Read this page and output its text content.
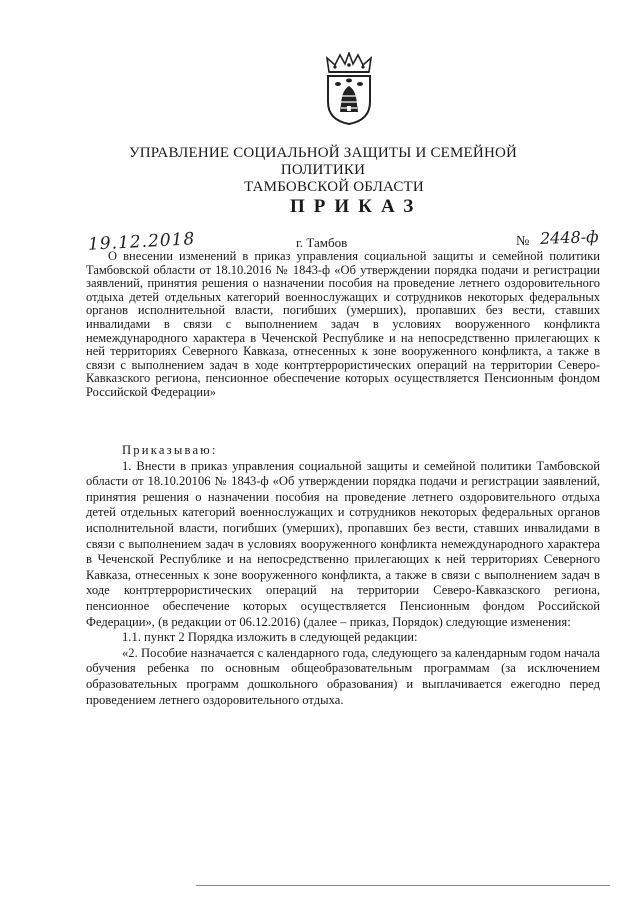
УПРАВЛЕНИЕ СОЦИАЛЬНОЙ ЗАЩИТЫ И СЕМЕЙНОЙ ПОЛИТИКИ
ТАМБОВСКОЙ ОБЛАСТИ
ПРИКАЗ
19.12.2018	г. Тамбов	№ 2448-ф
О внесении изменений в приказ управления социальной защиты и семейной политики Тамбовской области от 18.10.2016 № 1843-ф «Об утверждении порядка подачи и регистрации заявлений, принятия решения о назначении пособия на проведение летнего оздоровительного отдыха детей отдельных категорий военнослужащих и сотрудников некоторых федеральных органов исполнительной власти, погибших (умерших), пропавших без вести, ставших инвалидами в связи с выполнением задач в условиях вооруженного конфликта немеждународного характера в Чеченской Республике и на непосредственно прилегающих к ней территориях Северного Кавказа, отнесенных к зоне вооруженного конфликта, а также в связи с выполнением задач в ходе контртеррористических операций на территории Северо-Кавказского региона, пенсионное обеспечение которых осуществляется Пенсионным фондом Российской Федерации»

Приказываю:

1. Внести в приказ управления социальной защиты и семейной политики Тамбовской области от 18.10.20106 № 1843-ф «Об утверждении порядка подачи и регистрации заявлений, принятия решения о назначении пособия на проведение летнего оздоровительного отдыха детей отдельных категорий военнослужащих и сотрудников некоторых федеральных органов исполнительной власти, погибших (умерших), пропавших без вести, ставших инвалидами в связи с выполнением задач в условиях вооруженного конфликта немеждународного характера в Чеченской Республике и на непосредственно прилегающих к ней территориях Северного Кавказа, отнесенных к зоне вооруженного конфликта, а также в связи с выполнением задач в ходе контртеррористических операций на территории Северо-Кавказского региона, пенсионное обеспечение которых осуществляется Пенсионным фондом Российской Федерации», (в редакции от 06.12.2016) (далее – приказ, Порядок) следующие изменения:

1.1. пункт 2 Порядка изложить в следующей редакции:

«2. Пособие назначается с календарного года, следующего за календарным годом начала обучения ребенка по основным общеобразовательным программам (за исключением образовательных программ дошкольного образования) и выплачивается ежегодно перед проведением летнего оздоровительного отдыха.
